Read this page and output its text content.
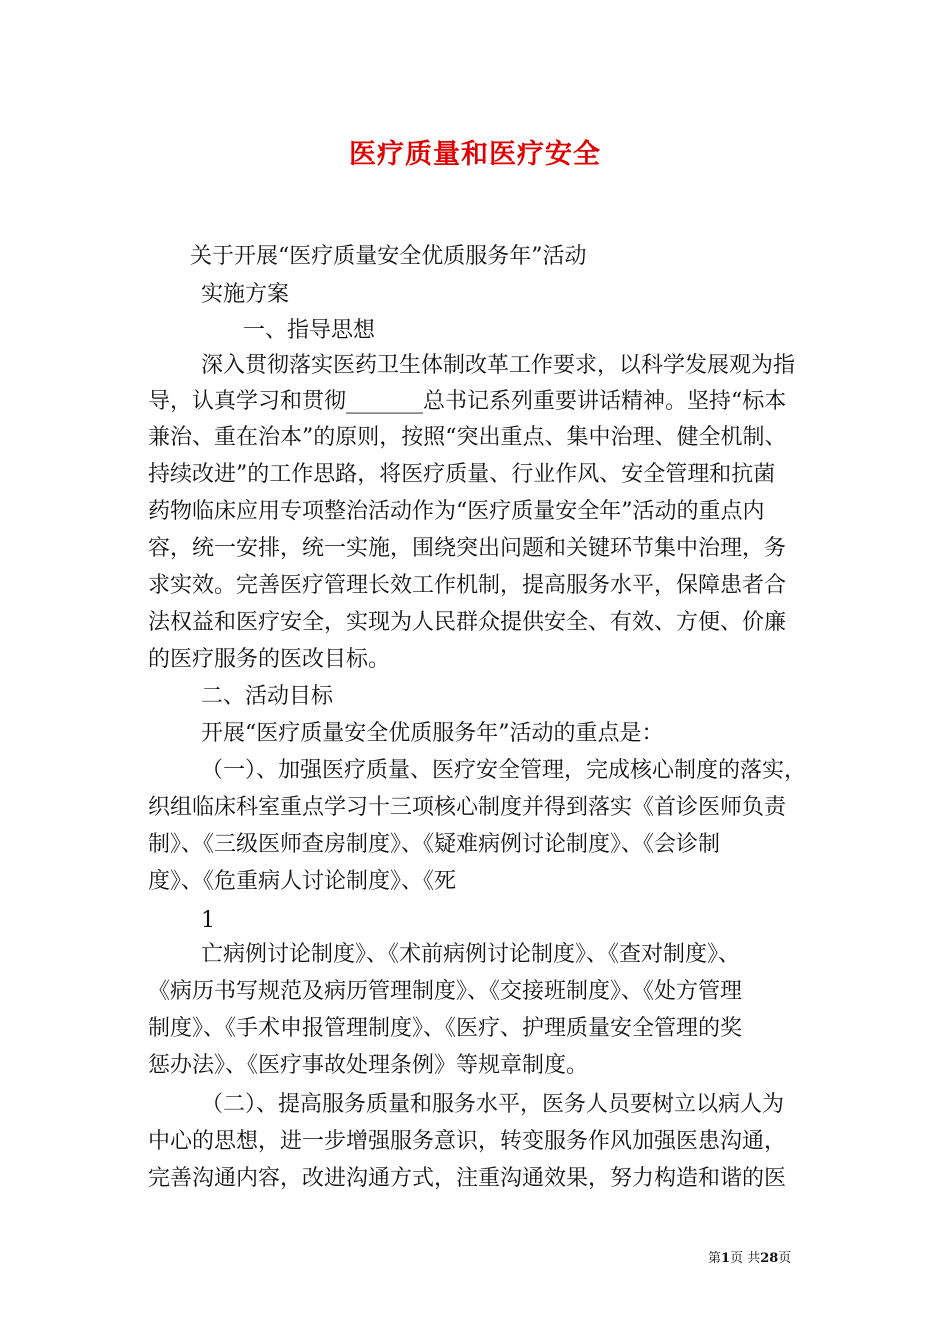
医疗质量和医疗安全
关于开展“医疗质量安全优质服务年”活动
实施方案
一、指导思想
深入贯彻落实医药卫生体制改革工作要求，以科学发展观为指
导，认真学习和贯彻_______总书记系列重要讲话精神。坚持“标本
兼治、重在治本”的原则，按照“突出重点、集中治理、健全机制、
持续改进”的工作思路，将医疗质量、行业作风、安全管理和抗菌
药物临床应用专项整治活动作为“医疗质量安全年”活动的重点内
容，统一安排，统一实施，围绕突出问题和关键环节集中治理，务
求实效。完善医疗管理长效工作机制，提高服务水平，保障患者合
法权益和医疗安全，实现为人民群众提供安全、有效、方便、价廉
的医疗服务的医改目标。
二、活动目标
开展“医疗质量安全优质服务年”活动的重点是：
（一）、加强医疗质量、医疗安全管理，完成核心制度的落实，
织组临床科室重点学习十三项核心制度并得到落实《首诊医师负责
制》、《三级医师查房制度》、《疑难病例讨论制度》、《会诊制
度》、《危重病人讨论制度》、《死
1
亡病例讨论制度》、《术前病例讨论制度》、《查对制度》、
《病历书写规范及病历管理制度》、《交接班制度》、《处方管理
制度》、《手术申报管理制度》、《医疗、护理质量安全管理的奖
惩办法》、《医疗事故处理条例》等规章制度。
（二）、提高服务质量和服务水平，医务人员要树立以病人为
中心的思想，进一步增强服务意识，转变服务作风加强医患沟通，
完善沟通内容，改进沟通方式，注重沟通效果，努力构造和谐的医
第1页 共28页
